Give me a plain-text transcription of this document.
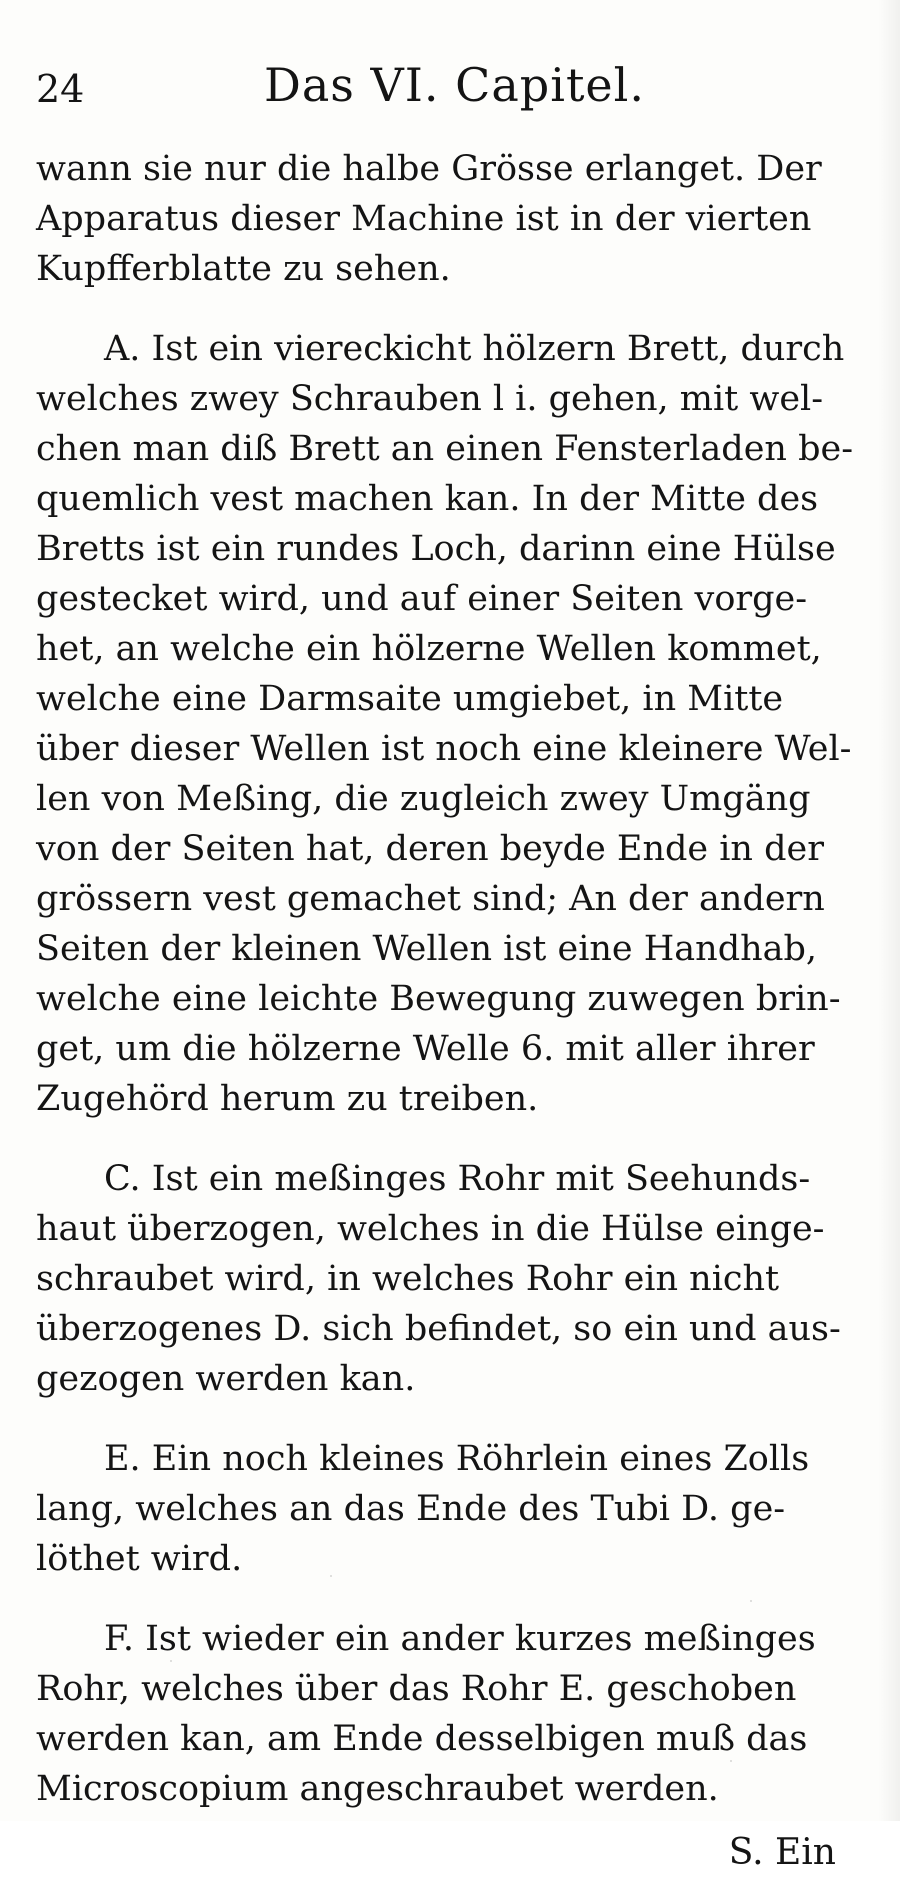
24	Das VI. Capitel.
wann sie nur die halbe Grösse erlanget. Der
Apparatus dieser Machine ist in der vierten
Kupfferblatte zu sehen.
A. Ist ein viereckicht hölzern Brett, durch
welches zwey Schrauben l i. gehen, mit wel-
chen man diß Brett an einen Fensterladen be-
quemlich vest machen kan. In der Mitte des
Bretts ist ein rundes Loch, darinn eine Hülse
gestecket wird, und auf einer Seiten vorge-
het, an welche ein hölzerne Wellen kommet,
welche eine Darmsaite umgiebet, in Mitte
über dieser Wellen ist noch eine kleinere Wel-
len von Meßing, die zugleich zwey Umgäng
von der Seiten hat, deren beyde Ende in der
grössern vest gemachet sind; An der andern
Seiten der kleinen Wellen ist eine Handhab,
welche eine leichte Bewegung zuwegen brin-
get, um die hölzerne Welle 6. mit aller ihrer
Zugehörd herum zu treiben.
C. Ist ein meßinges Rohr mit Seehunds-
haut überzogen, welches in die Hülse einge-
schraubet wird, in welches Rohr ein nicht
überzogenes D. sich befindet, so ein und aus-
gezogen werden kan.
E. Ein noch kleines Röhrlein eines Zolls
lang, welches an das Ende des Tubi D. ge-
löthet wird.
F. Ist wieder ein ander kurzes meßinges
Rohr, welches über das Rohr E. geschoben
werden kan, am Ende desselbigen muß das
Microscopium angeschraubet werden.
S. Ein
